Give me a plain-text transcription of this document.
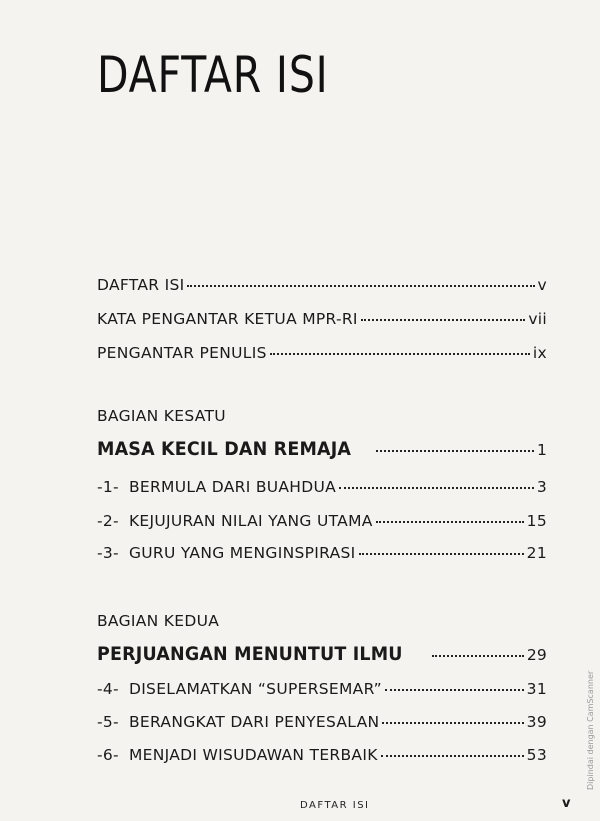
DAFTAR ISI
DAFTAR ISI	v
KATA PENGANTAR KETUA MPR-RI	vii
PENGANTAR PENULIS	ix
BAGIAN KESATU
MASA KECIL DAN REMAJA	1
-1- BERMULA DARI BUAHDUA	3
-2- KEJUJURAN NILAI YANG UTAMA	15
-3- GURU YANG MENGINSPIRASI	21
BAGIAN KEDUA
PERJUANGAN MENUNTUT ILMU	29
-4- DISELAMATKAN “SUPERSEMAR”	31
-5- BERANGKAT DARI PENYESALAN	39
-6- MENJADI WISUDAWAN TERBAIK	53
DAFTAR ISI	v
Dipindai dengan CamScanner
